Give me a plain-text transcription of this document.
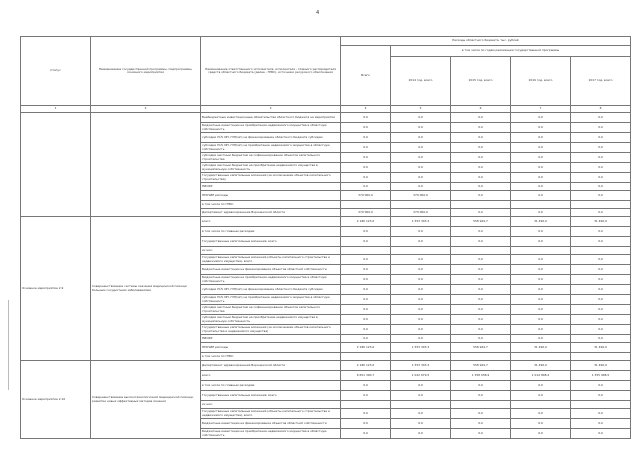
4
Статус	Наименование государственной программы, подпрограммы, основного мероприятия	Наименование ответственного исполнителя, исполнителя - главного распорядителя средств областного бюджета (далее - ГРБС), источники ресурсного обеспечения	Расходы областного бюджета, тыс. рублей				
			Всего	в том числе по годам реализации государственной программы			
				2014 год, всего	2015 год, всего	2016 год, всего	2017 год, всего
1	2	3	4	5	6	7	8
		Внебюджетные инвестиционные обязательства областного бюджета на мероприятия	0,0	0,0	0,0	0,0	0,0
		Бюджетные инвестиции на приобретение недвижимого имущества в областную собственность	0,0	0,0	0,0	0,0	0,0
		субсидии ЮЛ, ИП, ГУП(мп) на финансирование областного бюджета субсидии	0,0	0,0	0,0	0,0	0,0
		субсидии ЮЛ, ИП, ГУП(мп) на приобретение недвижимого имущества в областную собственность	0,0	0,0	0,0	0,0	0,0
		субсидии местным бюджетам на софинансирование объектов капитального строительства	0,0	0,0	0,0	0,0	0,0
		субсидии местным бюджетам на приобретение недвижимого имущества в муниципальную собственность	0,0	0,0	0,0	0,0	0,0
		Государственные капитальные вложения (за исключением объектов капитального строительства)	0,0	0,0	0,0	0,0	0,0
		НИОКР	0,0	0,0	0,0	0,0	0,0
		ПРОЧИЕ расходы	379 000,0	379 000,0	0,0	0,0	0,0
		в том числе по ГРБС:					
		Департамент здравоохранения Воронежской области	379 000,0	379 000,0	0,0	0,0	0,0
Основное мероприятие 2.9	Совершенствование системы оказания медицинской помощи больным сосудистыми заболеваниями	всего	2 186 123,0	1 553 303,3	558 944,7	31 490,0	31 490,0
		в том числе по главным расходам:	0,0	0,0	0,0	0,0	0,0
		Государственные капитальные вложения, всего	0,0	0,0	0,0	0,0	0,0
		из них:					
		Государственные капитальные вложения (объекты капитального строительства и недвижимого имущества), всего	0,0	0,0	0,0	0,0	0,0
		Бюджетные инвестиции на финансирование объектов областной собственности	0,0	0,0	0,0	0,0	0,0
		Бюджетные инвестиции на приобретение недвижимого имущества в областную собственность	0,0	0,0	0,0	0,0	0,0
		субсидии ЮЛ, ИП, ГУП(мп) на финансирование областного бюджета субсидии	0,0	0,0	0,0	0,0	0,0
		субсидии ЮЛ, ИП, ГУП(мп) на приобретение недвижимого имущества в областную собственность	0,0	0,0	0,0	0,0	0,0
		субсидии местным бюджетам на софинансирование объектов капитального строительства	0,0	0,0	0,0	0,0	0,0
		субсидии местным бюджетам на приобретение недвижимого имущества в муниципальную собственность	0,0	0,0	0,0	0,0	0,0
		Государственные капитальные вложения (за исключением объектов капитального строительства и недвижимого имущества)	0,0	0,0	0,0	0,0	0,0
		НИОКР	0,0	0,0	0,0	0,0	0,0
		ПРОЧИЕ расходы	2 186 123,0	1 553 303,3	558 944,7	31 490,0	31 490,0
		в том числе по ГРБС:					
Основное мероприятие 2.10	Совершенствование высокотехнологичной медицинской помощи, развитие новых эффективных методов лечения	Департамент здравоохранения Воронежской области	2 186 123,0	1 553 303,3	558 944,7	31 490,0	31 490,0
		всего	6 651 390,7	1 022 679,5	1 358 038,9	1 014 808,2	1 355 998,5
		в том числе по главным расходам:	0,0	0,0	0,0	0,0	0,0
		Государственные капитальные вложения, всего	0,0	0,0	0,0	0,0	0,0
		из них:					
		Государственные капитальные вложения (объекты капитального строительства и недвижимого имущества), всего	0,0	0,0	0,0	0,0	0,0
		Бюджетные инвестиции на финансирование объектов областной собственности	0,0	0,0	0,0	0,0	0,0
		Бюджетные инвестиции на приобретение недвижимого имущества в областную собственность	0,0	0,0	0,0	0,0	0,0
